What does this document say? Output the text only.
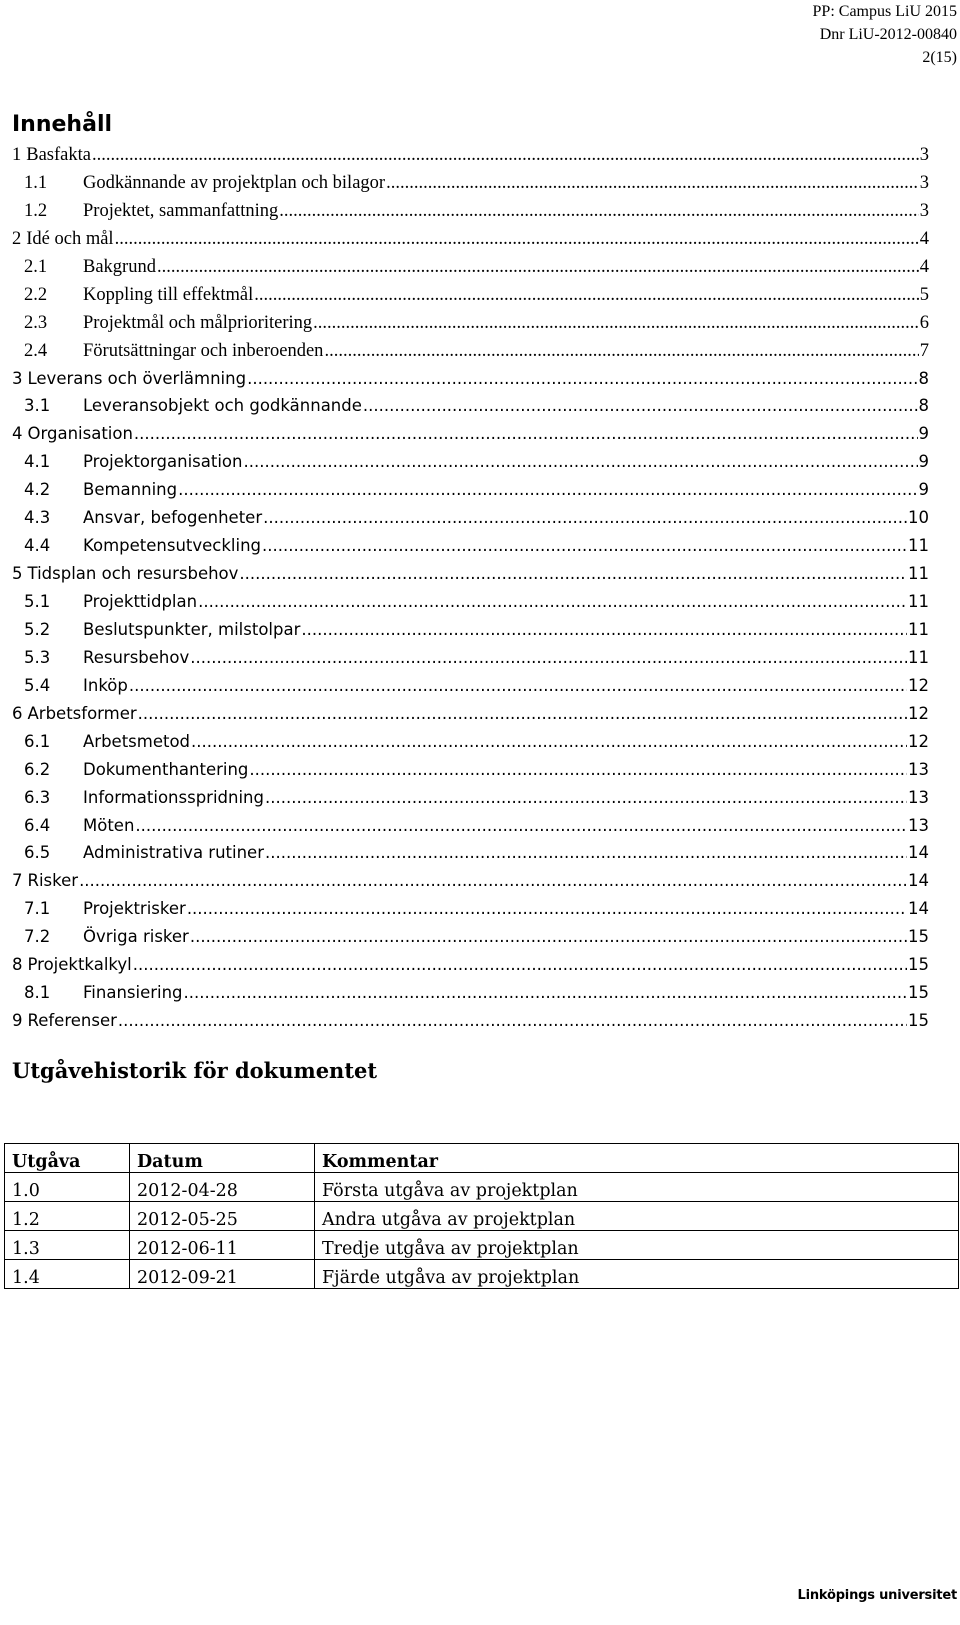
PP: Campus LiU 2015
Dnr LiU-2012-00840
2(15)
Innehåll
1 Basfakta .....	3
1.1	Godkännande av projektplan och bilagor .....	3
1.2	Projektet, sammanfattning .....	3
2 Idé och mål .....	4
2.1	Bakgrund .....	4
2.2	Koppling till effektmål .....	5
2.3	Projektmål och målprioritering .....	6
2.4	Förutsättningar och inberoenden .....	7
3 Leverans och överlämning .....	8
3.1	Leveransobjekt och godkännande .....	8
4 Organisation .....	9
4.1	Projektorganisation .....	9
4.2	Bemanning .....	9
4.3	Ansvar, befogenheter .....	10
4.4	Kompetensutveckling .....	11
5 Tidsplan och resursbehov .....	11
5.1	Projekttidplan .....	11
5.2	Beslutspunkter, milstolpar .....	11
5.3	Resursbehov .....	11
5.4	Inköp .....	12
6 Arbetsformer .....	12
6.1	Arbetsmetod .....	12
6.2	Dokumenthantering .....	13
6.3	Informationsspridning .....	13
6.4	Möten .....	13
6.5	Administrativa rutiner .....	14
7 Risker .....	14
7.1	Projektrisker .....	14
7.2	Övriga risker .....	15
8 Projektkalkyl .....	15
8.1	Finansiering .....	15
9 Referenser .....	15
Utgåvehistorik för dokumentet
Utgåva	Datum	Kommentar
1.0	2012-04-28	Första utgåva av projektplan
1.2	2012-05-25	Andra utgåva av projektplan
1.3	2012-06-11	Tredje utgåva av projektplan
1.4	2012-09-21	Fjärde utgåva av projektplan
Linköpings universitet
